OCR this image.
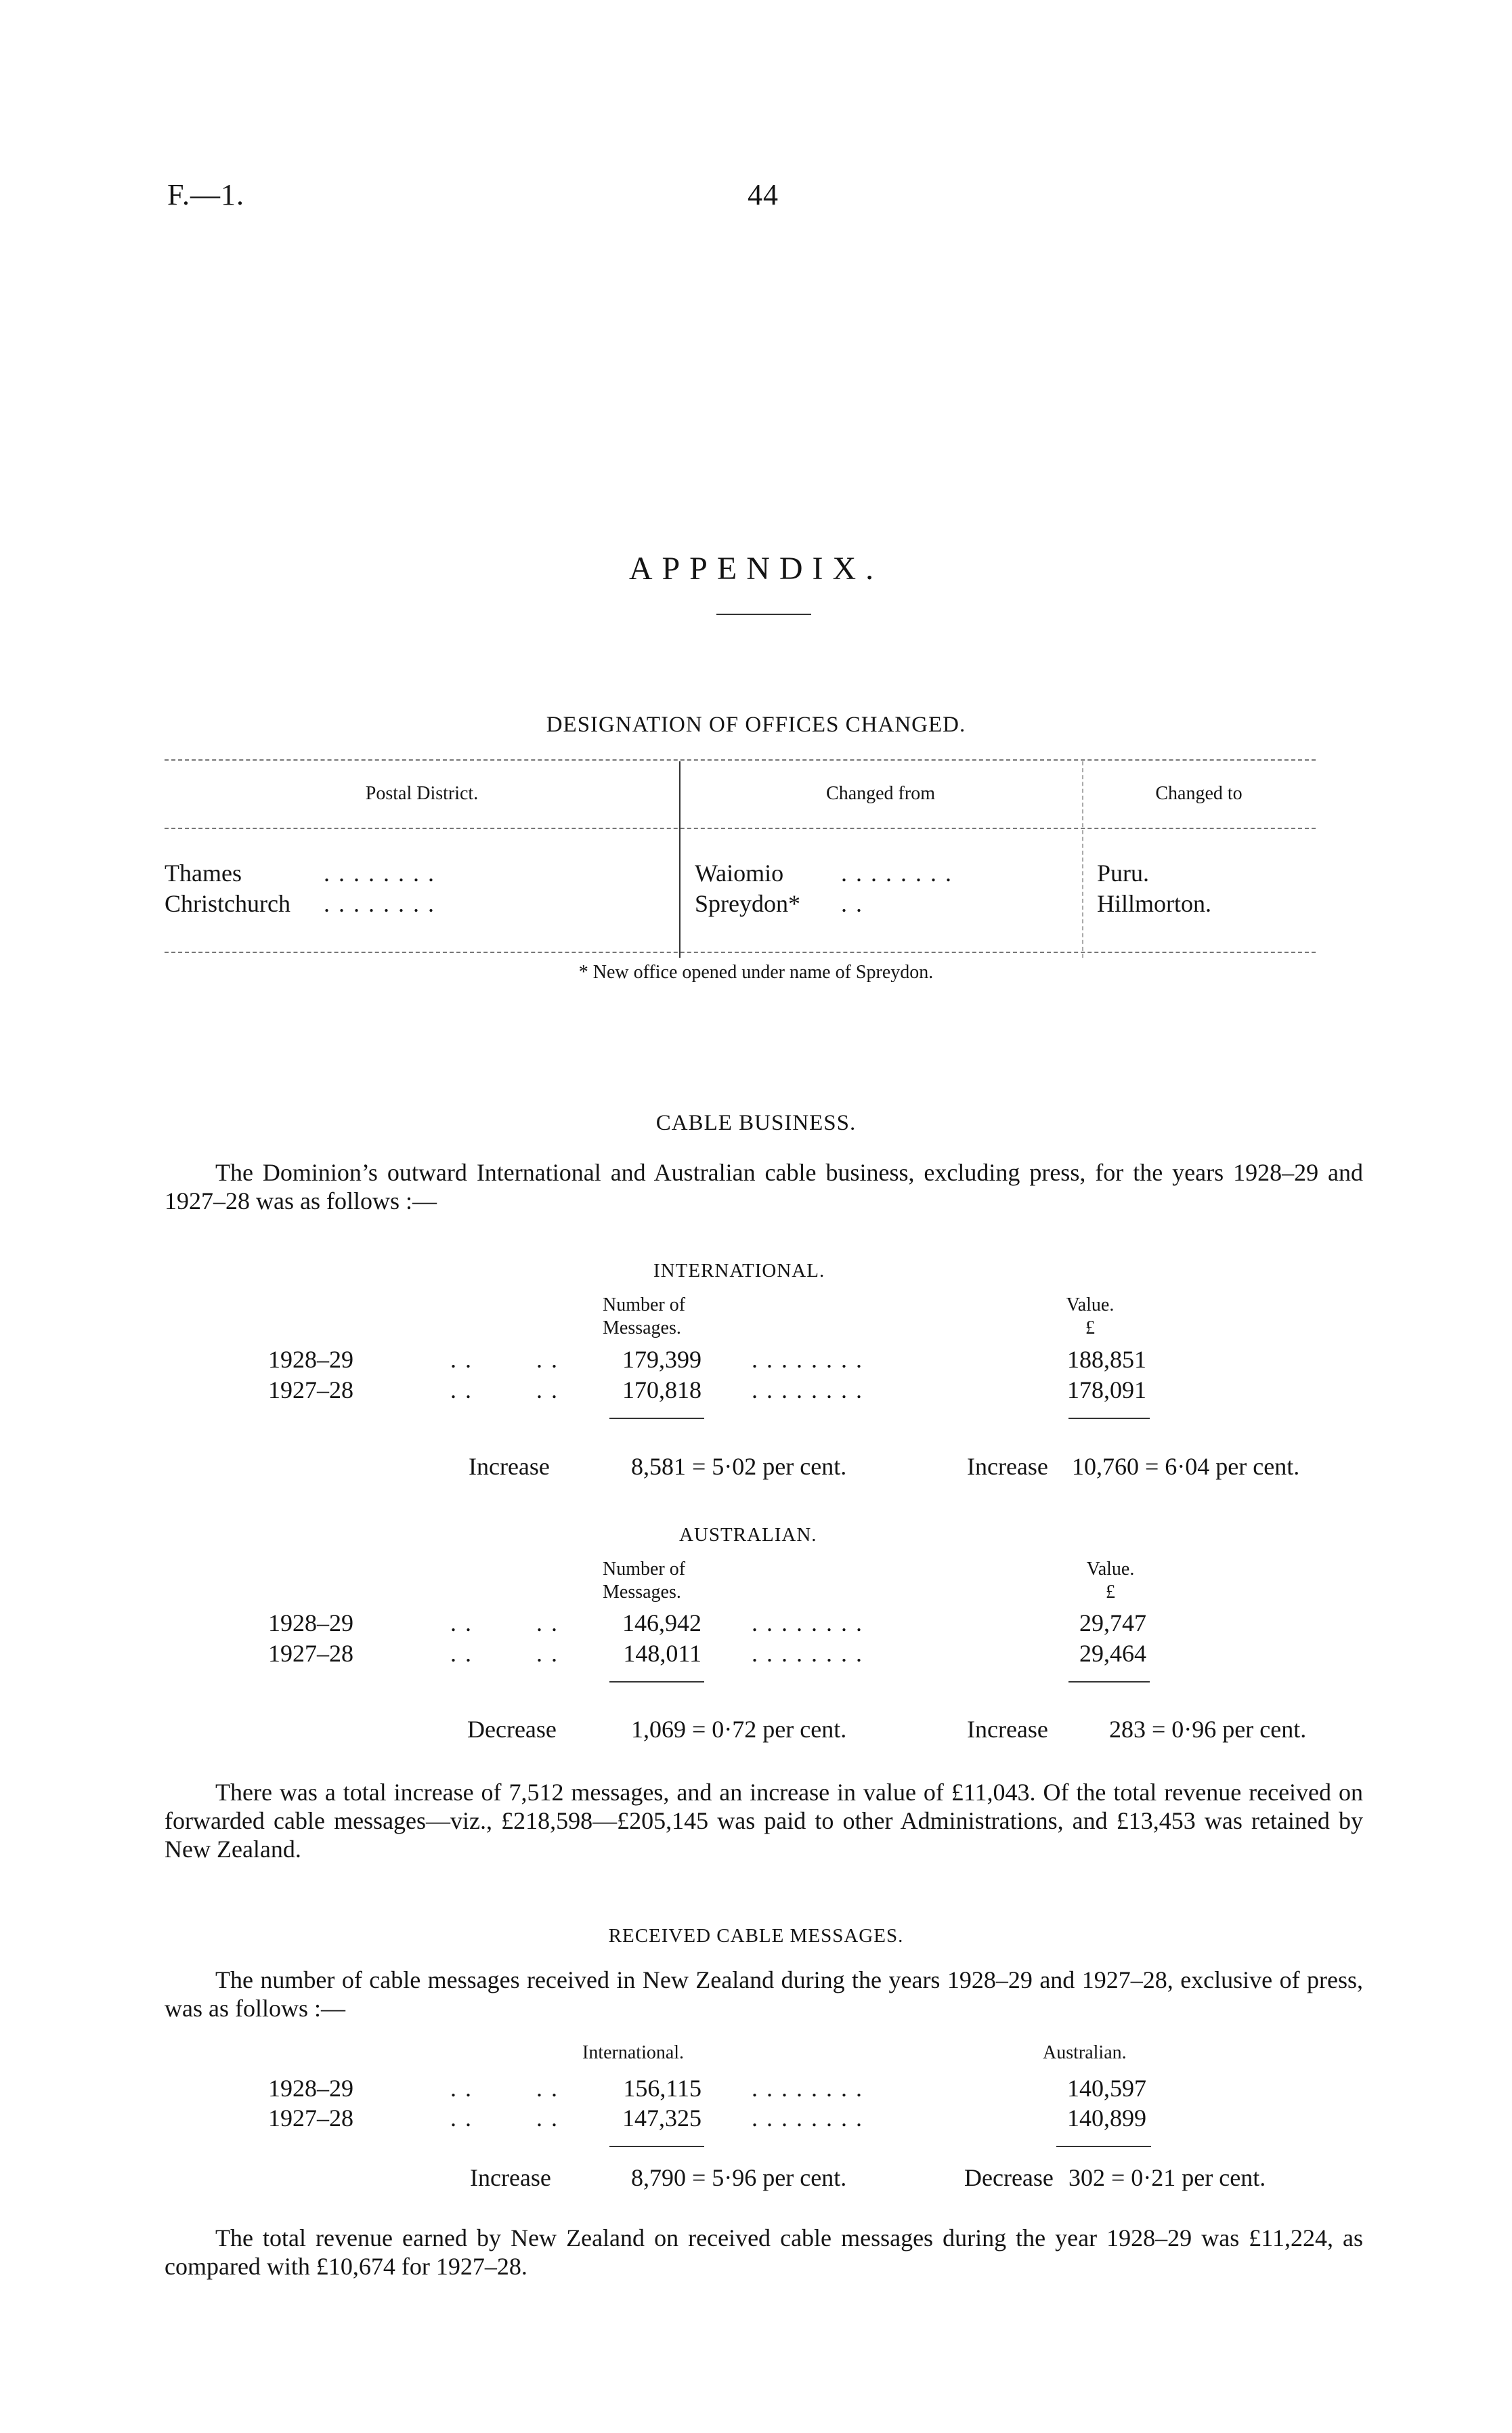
F.—1.	44
APPENDIX.
DESIGNATION OF OFFICES CHANGED.
Postal District.	Changed from	Changed to
Thames	. . . . . . . .	Waiomio . . . . . . . .	Puru.
Christchurch . . . . . . . .	Spreydon* . .	Hillmorton.
* New office opened under name of Spreydon.
CABLE BUSINESS.
The Dominion’s outward International and Australian cable business, excluding press, for the years 1928–29 and 1927–28 was as follows :—
INTERNATIONAL.
Number of
Messages.
Value.
£
1928–29	. .	. .	179,399 . . . . . . . .	188,851
1927–28	. .	. .	170,818 . . . . . . . .	178,091
Increase	8,581 = 5·02 per cent.	Increase 10,760 = 6·04 per cent.
AUSTRALIAN.
Number of
Messages.
Value.
£
1928–29	. .	. .	146,942 . . . . . . . .	29,747
1927–28	. .	. .	148,011 . . . . . . . .	29,464
Decrease	1,069 = 0·72 per cent.	Increase	283 = 0·96 per cent.
There was a total increase of 7,512 messages, and an increase in value of £11,043. Of the total revenue received on forwarded cable messages—viz., £218,598—£205,145 was paid to other Administrations, and £13,453 was retained by New Zealand.
RECEIVED CABLE MESSAGES.
The number of cable messages received in New Zealand during the years 1928–29 and 1927–28, exclusive of press, was as follows :—
International.	Australian.
1928–29	. .	. .	156,115 . . . . . . . .	140,597
1927–28	. .	. .	147,325 . . . . . . . .	140,899
Increase	8,790 = 5·96 per cent.	Decrease 302 = 0·21 per cent.
The total revenue earned by New Zealand on received cable messages during the year 1928–29 was £11,224, as compared with £10,674 for 1927–28.
